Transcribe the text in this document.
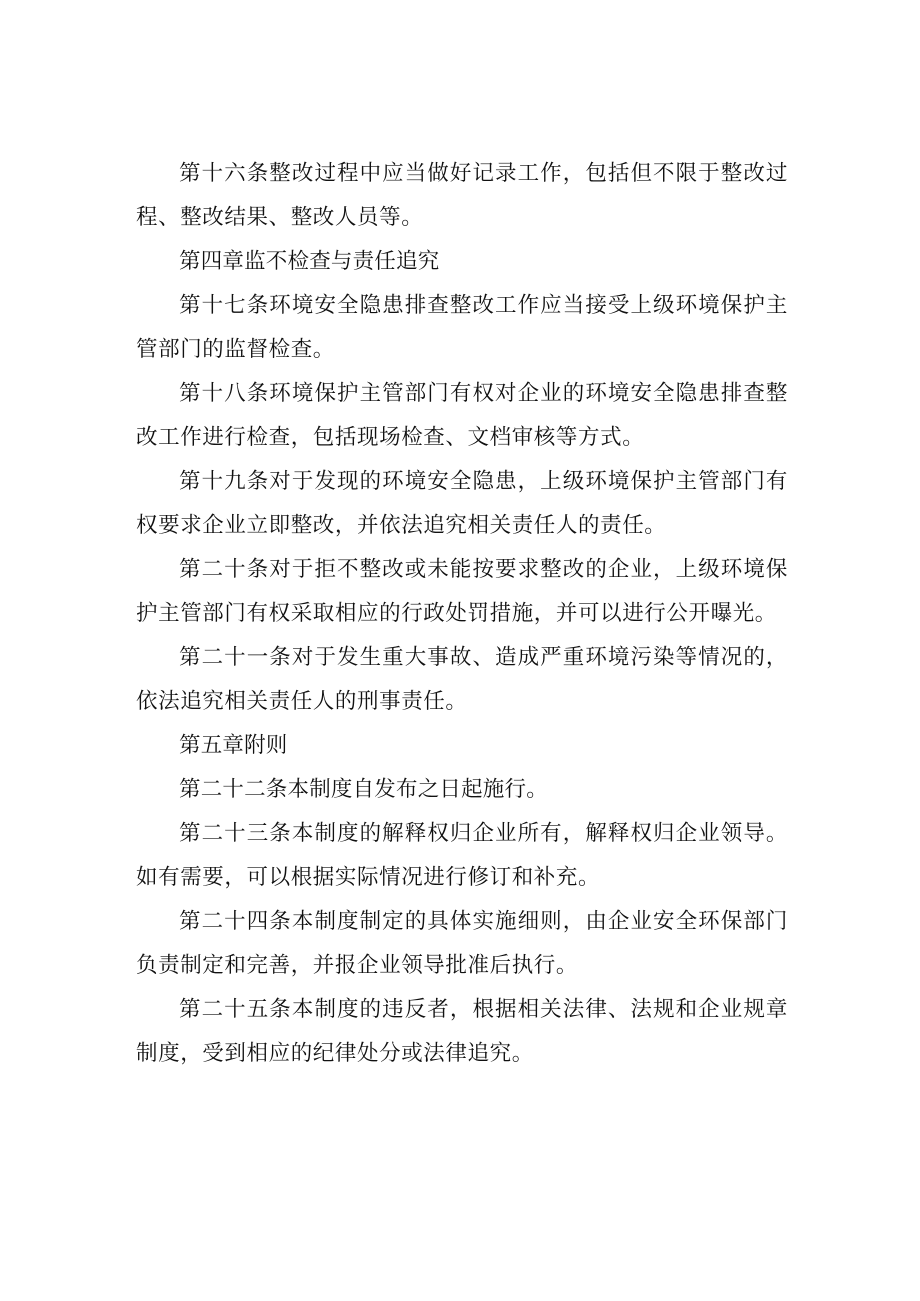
第十六条整改过程中应当做好记录工作，包括但不限于整改过程、整改结果、整改人员等。

第四章监不检查与责任追究

第十七条环境安全隐患排查整改工作应当接受上级环境保护主管部门的监督检查。

第十八条环境保护主管部门有权对企业的环境安全隐患排查整改工作进行检查，包括现场检查、文档审核等方式。

第十九条对于发现的环境安全隐患，上级环境保护主管部门有权要求企业立即整改，并依法追究相关责任人的责任。

第二十条对于拒不整改或未能按要求整改的企业，上级环境保护主管部门有权采取相应的行政处罚措施，并可以进行公开曝光。

第二十一条对于发生重大事故、造成严重环境污染等情况的，依法追究相关责任人的刑事责任。

第五章附则

第二十二条本制度自发布之日起施行。

第二十三条本制度的解释权归企业所有，解释权归企业领导。如有需要，可以根据实际情况进行修订和补充。

第二十四条本制度制定的具体实施细则，由企业安全环保部门负责制定和完善，并报企业领导批准后执行。

第二十五条本制度的违反者，根据相关法律、法规和企业规章制度，受到相应的纪律处分或法律追究。
